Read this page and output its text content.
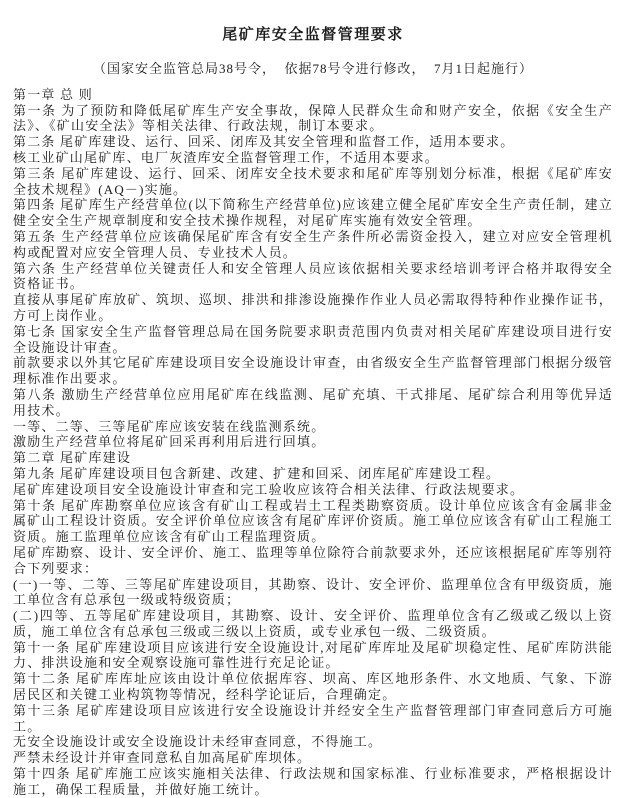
尾矿库安全监督管理要求
（国家安全监管总局38号令，  依据78号令进行修改，  7月1日起施行）

第一章 总 则

第一条 为了预防和降低尾矿库生产安全事故，保障人民群众生命和财产安全，依据《安全生产法》、《矿山安全法》等相关法律、行政法规，制订本要求。

第二条 尾矿库建设、运行、回采、闭库及其安全管理和监督工作，适用本要求。

核工业矿山尾矿库、电厂灰渣库安全监督管理工作，不适用本要求。

第三条 尾矿库建设、运行、回采、闭库安全技术要求和尾矿库等别划分标准，根据《尾矿库安全技术规程》(AQ－)实施。

第四条 尾矿库生产经营单位(以下简称生产经营单位)应该建立健全尾矿库安全生产责任制，建立健全安全生产规章制度和安全技术操作规程，对尾矿库实施有效安全管理。

第五条 生产经营单位应该确保尾矿库含有安全生产条件所必需资金投入，建立对应安全管理机构或配置对应安全管理人员、专业技术人员。

第六条 生产经营单位关键责任人和安全管理人员应该依据相关要求经培训考评合格并取得安全资格证书。

直接从事尾矿库放矿、筑坝、巡坝、排洪和排渗设施操作作业人员必需取得特种作业操作证书，方可上岗作业。

第七条 国家安全生产监督管理总局在国务院要求职责范围内负责对相关尾矿库建设项目进行安全设施设计审查。

前款要求以外其它尾矿库建设项目安全设施设计审查，由省级安全生产监督管理部门根据分级管理标准作出要求。

第八条 激励生产经营单位应用尾矿库在线监测、尾矿充填、干式排尾、尾矿综合利用等优异适用技术。

一等、二等、三等尾矿库应该安装在线监测系统。

激励生产经营单位将尾矿回采再利用后进行回填。

第二章 尾矿库建设

第九条 尾矿库建设项目包含新建、改建、扩建和回采、闭库尾矿库建设工程。

尾矿库建设项目安全设施设计审查和完工验收应该符合相关法律、行政法规要求。

第十条 尾矿库勘察单位应该含有矿山工程或岩土工程类勘察资质。设计单位应该含有金属非金属矿山工程设计资质。安全评价单位应该含有尾矿库评价资质。施工单位应该含有矿山工程施工资质。施工监理单位应该含有矿山工程监理资质。

尾矿库勘察、设计、安全评价、施工、监理等单位除符合前款要求外，还应该根据尾矿库等别符合下列要求：

(一)一等、二等、三等尾矿库建设项目，其勘察、设计、安全评价、监理单位含有甲级资质，施工单位含有总承包一级或特级资质；

(二)四等、五等尾矿库建设项目，其勘察、设计、安全评价、监理单位含有乙级或乙级以上资质，施工单位含有总承包三级或三级以上资质，或专业承包一级、二级资质。

第十一条 尾矿库建设项目应该进行安全设施设计,对尾矿库库址及尾矿坝稳定性、尾矿库防洪能力、排洪设施和安全观察设施可靠性进行充足论证。

第十二条 尾矿库库址应该由设计单位依据库容、坝高、库区地形条件、水文地质、气象、下游居民区和关键工业构筑物等情况，经科学论证后，合理确定。

第十三条 尾矿库建设项目应该进行安全设施设计并经安全生产监督管理部门审查同意后方可施工。

无安全设施设计或安全设施设计未经审查同意，不得施工。

严禁未经设计并审查同意私自加高尾矿库坝体。

第十四条 尾矿库施工应该实施相关法律、行政法规和国家标准、行业标准要求，严格根据设计施工，确保工程质量，并做好施工统计。
